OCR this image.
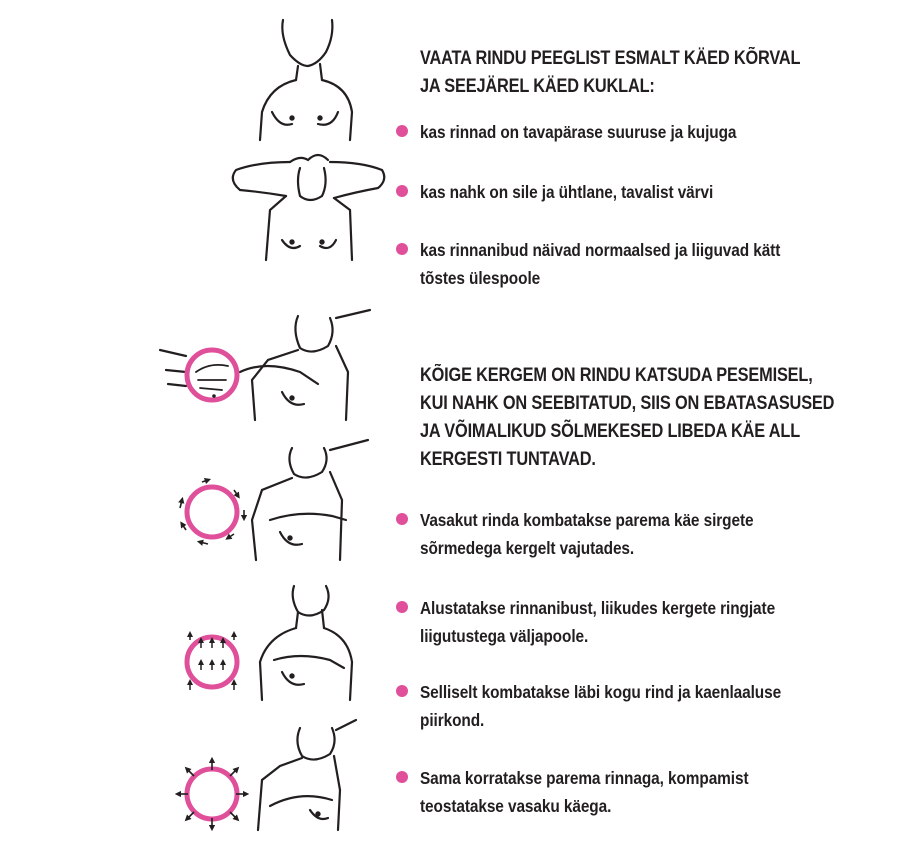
VAATA RINDU PEEGLIST ESMALT KÄED KÕRVAL
JA SEEJÄREL KÄED KUKLAL:

kas rinnad on tavapärase suuruse ja kujuga

kas nahk on sile ja ühtlane, tavalist värvi

kas rinnanibud näivad normaalsed ja liiguvad kätt
tõstes ülespoole

KÕIGE KERGEM ON RINDU KATSUDA PESEMISEL,
KUI NAHK ON SEEBITATUD, SIIS ON EBATASASUSED
JA VÕIMALIKUD SÕLMEKESED LIBEDA KÄE ALL
KERGESTI TUNTAVAD.

Vasakut rinda kombatakse parema käe sirgete
sõrmedega kergelt vajutades.

Alustatakse rinnanibust, liikudes kergete ringjate
liigutustega väljapoole.

Selliselt kombatakse läbi kogu rind ja kaenlaaluse
piirkond.

Sama korratakse parema rinnaga, kompamist
teostatakse vasaku käega.
